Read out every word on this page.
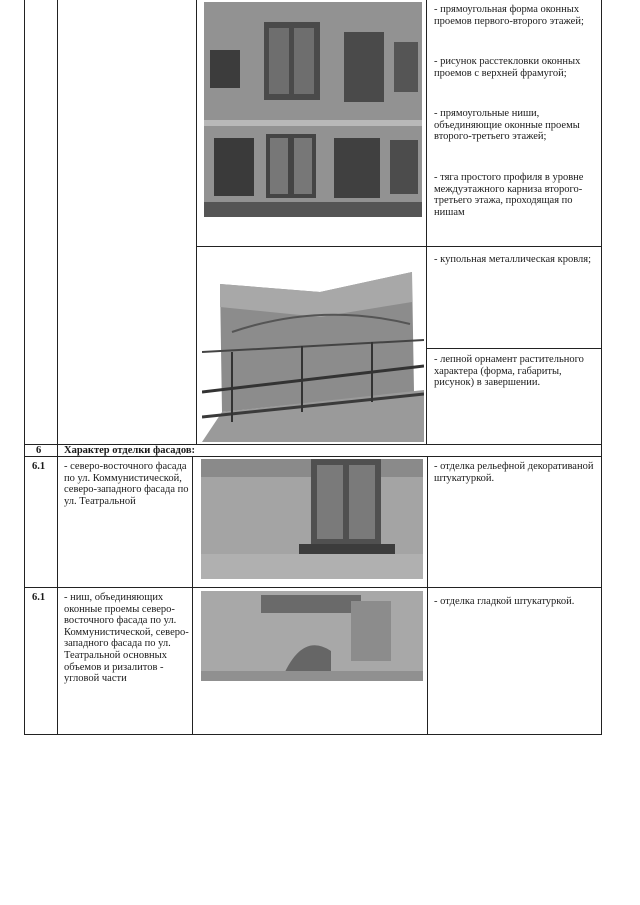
- прямоугольная форма оконных проемов первого-второго этажей;
- рисунок расстекловки оконных проемов с верхней фрамугой;
- прямоугольные ниши, объединяющие оконные проемы второго-третьего этажей;
- тяга простого профиля в уровне междуэтажного карниза второго-третьего этажа, проходящая по нишам
- купольная металлическая кровля;
- лепной орнамент растительного характера (форма, габариты, рисунок) в завершении.
6 Характер отделки фасадов:
6.1 - северо-восточного фасада по ул. Коммунистической, северо-западного фасада по ул. Театральной
- отделка рельефной декоративаной штукатуркой.
6.1 - ниш, объединяющих оконные проемы северо-восточного фасада по ул. Коммунистической, северо-западного фасада по ул. Театральной основных объемов и ризалитов - угловой части
- отделка гладкой штукатуркой.
